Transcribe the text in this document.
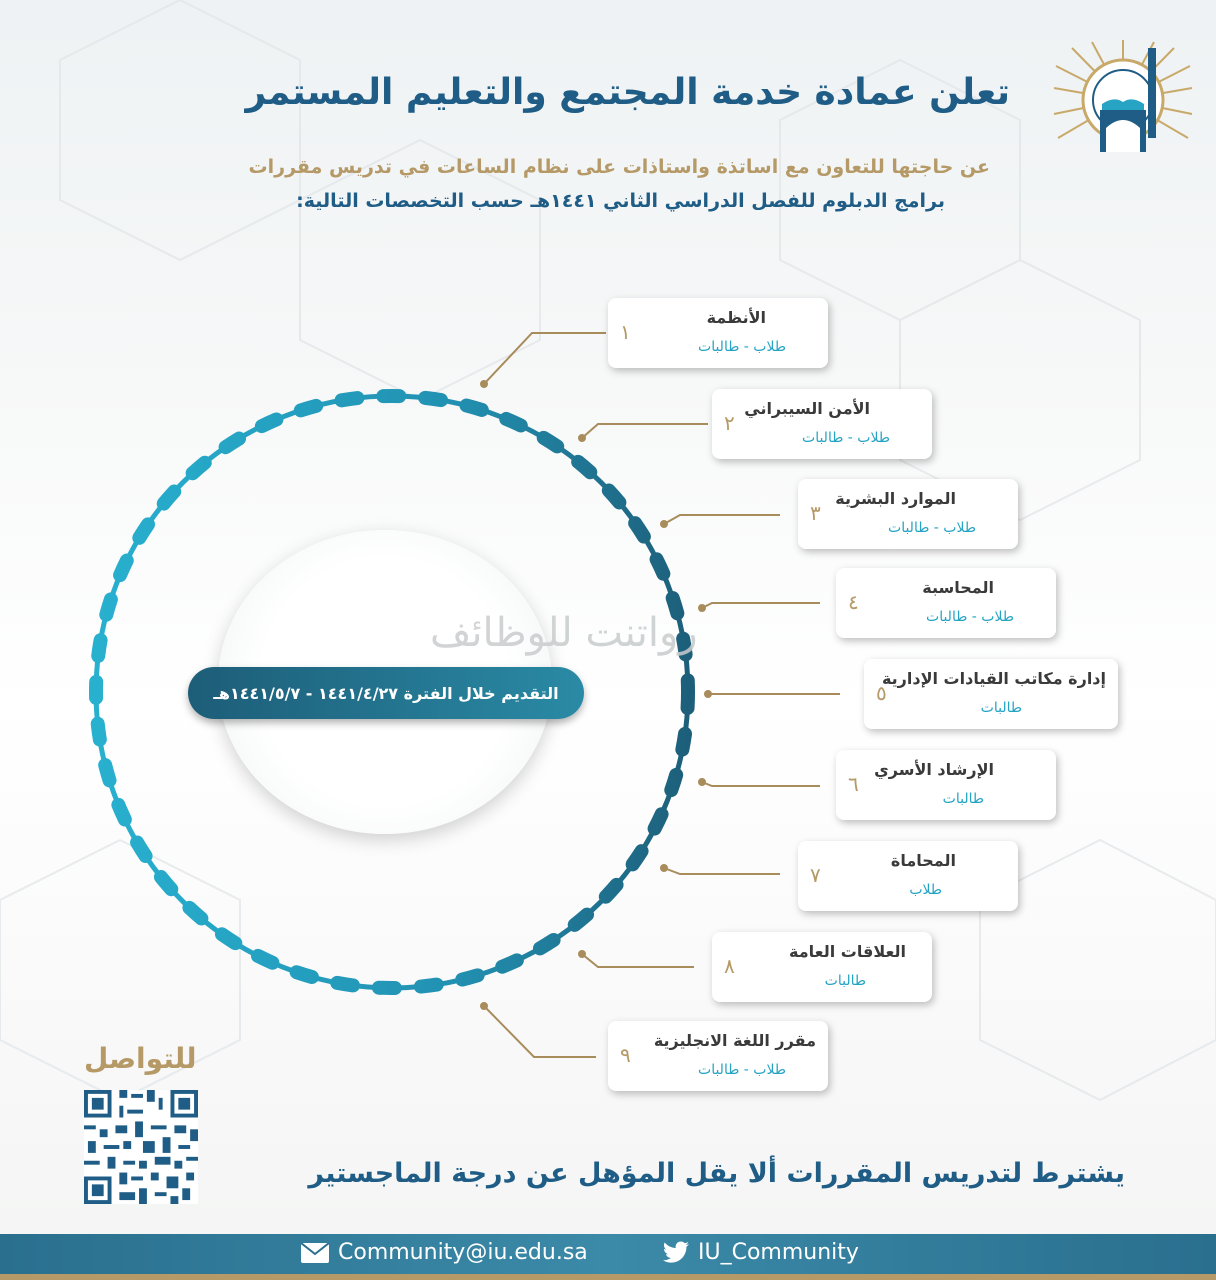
تعلن عمادة خدمة المجتمع والتعليم المستمر
عن حاجتها للتعاون مع اساتذة واستاذات على نظام الساعات في تدريس مقررات
برامج الدبلوم للفصل الدراسي الثاني ١٤٤١هـ حسب التخصصات التالية:
رواتنت للوظائف
التقديم خلال الفترة ١٤٤١/٤/٢٧ - ١٤٤١/٥/٧هـ
١
الأنظمة
طلاب - طالبات
٢
الأمن السيبراني
طلاب - طالبات
٣
الموارد البشرية
طلاب - طالبات
٤
المحاسبة
طلاب - طالبات
٥
إدارة مكاتب القيادات الإدارية
طالبات
٦
الإرشاد الأسري
طالبات
٧
المحاماة
طلاب
٨
العلاقات العامة
طالبات
٩
مقرر اللغة الانجليزية
طلاب - طالبات
للتواصل
يشترط لتدريس المقررات ألا يقل المؤهل عن درجة الماجستير
Community@iu.edu.sa	IU_Community
